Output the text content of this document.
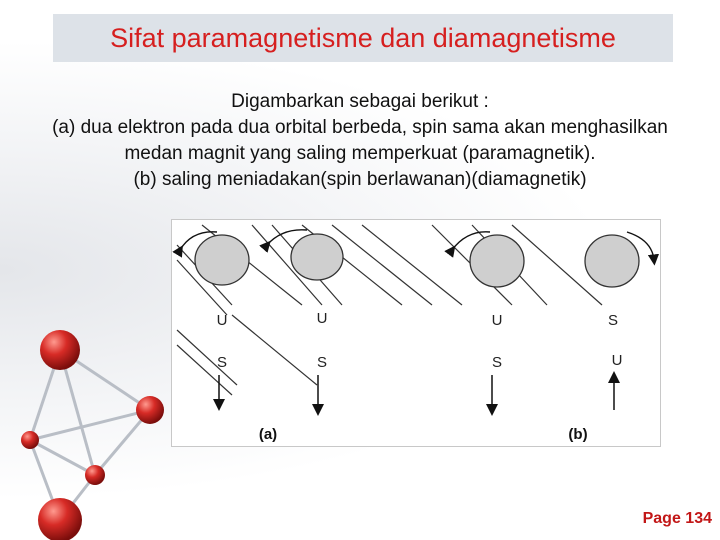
Sifat paramagnetisme dan diamagnetisme
Digambarkan sebagai berikut :
(a) dua elektron pada dua orbital berbeda, spin sama akan menghasilkan
medan magnit yang saling memperkuat (paramagnetik).
(b) saling meniadakan(spin berlawanan)(diamagnetik)
U	U	U	S
S	S	S	U
(a)	(b)
Page 134
